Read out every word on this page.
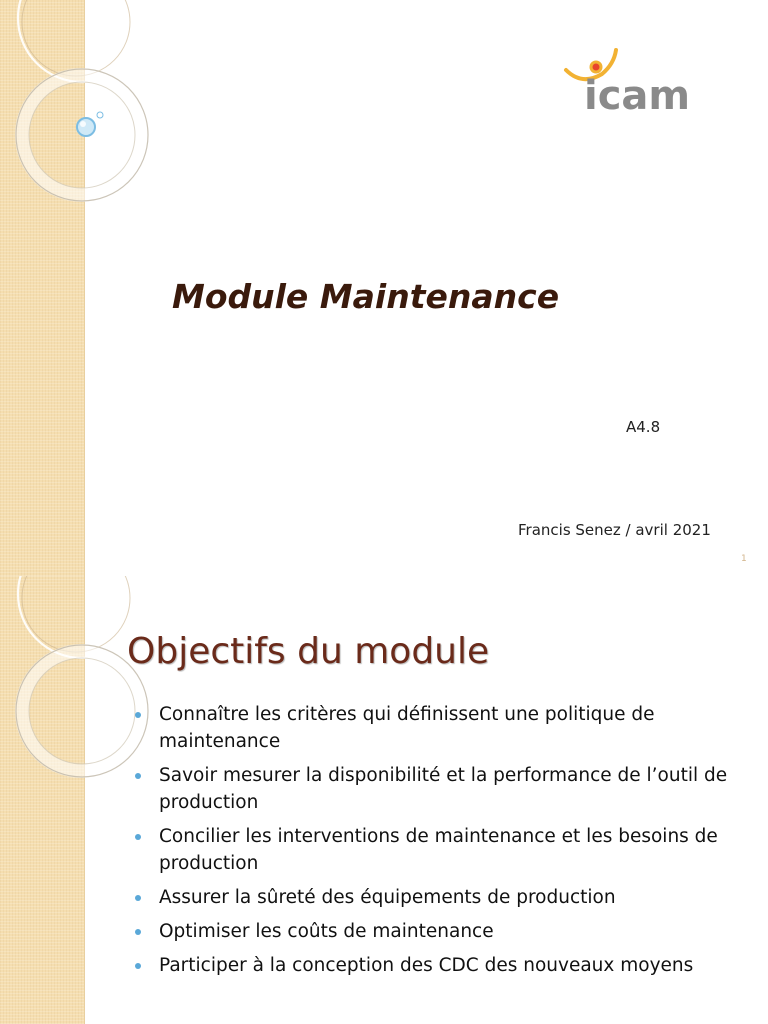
icam
Module Maintenance
A4.8
Francis Senez / avril 2021
1
Objectifs du module
Connaître les critères qui définissent une politique de maintenance
Savoir mesurer la disponibilité et la performance de l’outil de production
Concilier les interventions de maintenance et les besoins de production
Assurer la sûreté des équipements de production
Optimiser les coûts de maintenance
Participer à la conception des CDC des nouveaux moyens
